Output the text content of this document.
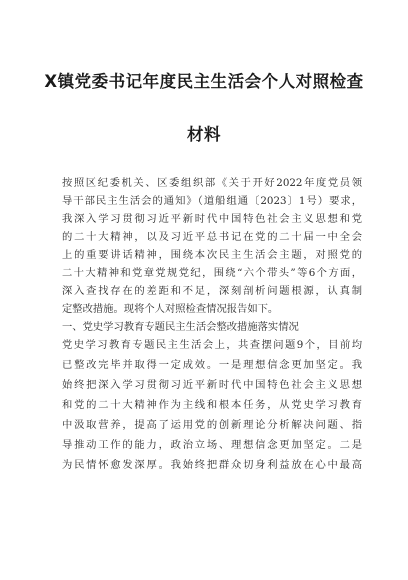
X镇党委书记年度民主生活会个人对照检查
材料
按照区纪委机关、区委组织部《关于开好2022年度党员领
导干部民主生活会的通知》（道船组通〔2023〕1号）要求，
我深入学习贯彻习近平新时代中国特色社会主义思想和党
的二十大精神，以及习近平总书记在党的二十届一中全会
上的重要讲话精神，围绕本次民主生活会主题，对照党的
二十大精神和党章党规党纪，围绕“六个带头”等6个方面，
深入查找存在的差距和不足，深刻剖析问题根源，认真制
定整改措施。现将个人对照检查情况报告如下。
一、党史学习教育专题民主生活会整改措施落实情况
党史学习教育专题民主生活会上，共查摆问题9个，目前均
已整改完毕并取得一定成效。一是理想信念更加坚定。我
始终把深入学习贯彻习近平新时代中国特色社会主义思想
和党的二十大精神作为主线和根本任务，从党史学习教育
中汲取营养，提高了运用党的创新理论分析解决问题、指
导推动工作的能力，政治立场、理想信念更加坚定。二是
为民情怀愈发深厚。我始终把群众切身利益放在心中最高
